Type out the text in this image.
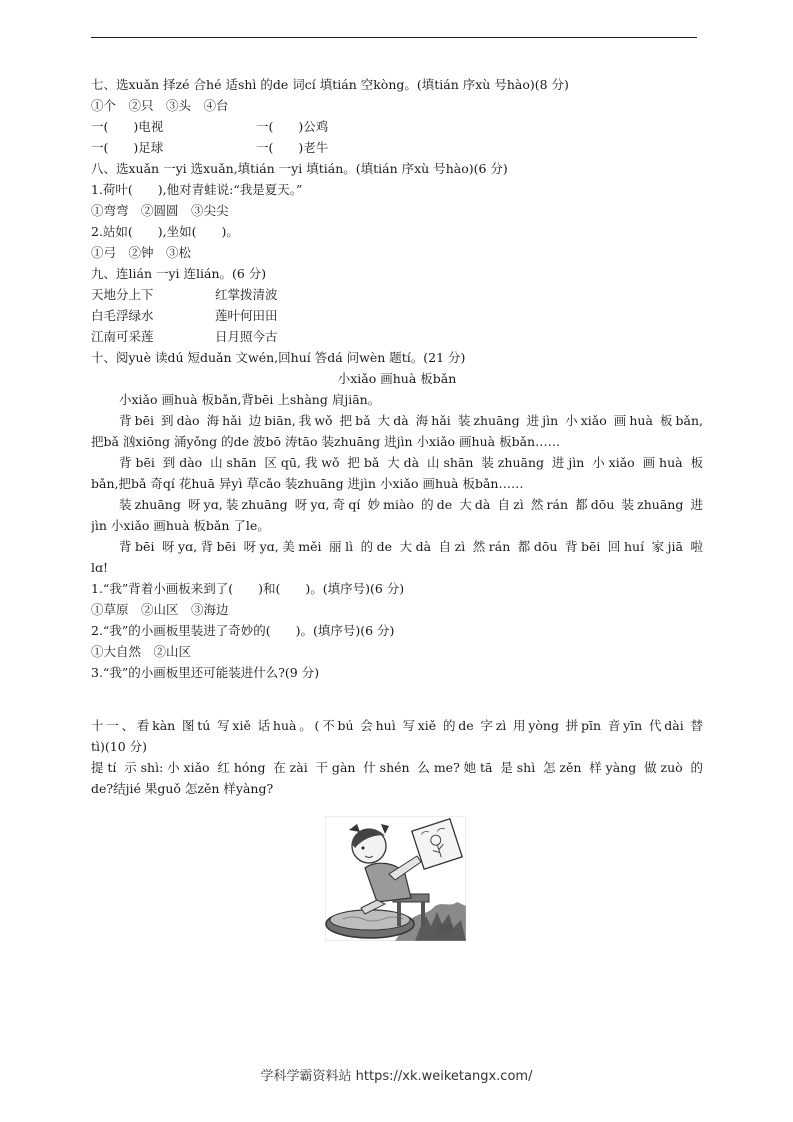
七、选xuǎn 择zé 合hé 适shì 的de 词cí 填tián 空kòng。(填tián 序xù 号hào)(8 分)
①个　②只　③头　④台
一(　　)电视	一(　　)公鸡
一(　　)足球	一(　　)老牛
八、选xuǎn 一yi 选xuǎn,填tián 一yi 填tián。(填tián 序xù 号hào)(6 分)
1.荷叶(　　),他对青蛙说:“我是夏天。”
①弯弯　②圆圆　③尖尖
2.站如(　　),坐如(　　)。
①弓　②钟　③松
九、连lián 一yi 连lián。(6 分)
天地分上下	红掌拨清波
白毛浮绿水	莲叶何田田
江南可采莲	日月照今古
十、阅yuè 读dú 短duǎn 文wén,回huí 答dá 问wèn 题tí。(21 分)
小xiǎo 画huà 板bǎn
小xiǎo 画huà 板bǎn,背bēi 上shàng 肩jiān。
背bēi 到dào 海hǎi 边biān,我wǒ 把bǎ 大dà 海hǎi 装zhuāng 进jìn 小xiǎo 画huà 板bǎn,
把bǎ 汹xiōng 涌yǒng 的de 波bō 涛tāo 装zhuāng 进jìn 小xiǎo 画huà 板bǎn……
背bēi 到dào 山shān 区qū,我wǒ 把bǎ 大dà 山shān 装zhuāng 进jìn 小xiǎo 画huà 板
bǎn,把bǎ 奇qí 花huā 异yì 草cǎo 装zhuāng 进jìn 小xiǎo 画huà 板bǎn……
装zhuāng 呀yɑ,装zhuāng 呀yɑ,奇qí 妙miào 的de 大dà 自zì 然rán 都dōu 装zhuāng 进
jìn 小xiǎo 画huà 板bǎn 了le。
背bēi 呀yɑ,背bēi 呀yɑ,美měi 丽lì 的de 大dà 自zì 然rán 都dōu 背bēi 回huí 家jiā 啦
lɑ!
1.“我”背着小画板来到了(　　)和(　　)。(填序号)(6 分)
①草原　②山区　③海边
2.“我”的小画板里装进了奇妙的(　　)。(填序号)(6 分)
①大自然　②山区
3.“我”的小画板里还可能装进什么?(9 分)
十一、看kàn 图tú 写xiě 话huà。(不bú 会huì 写xiě 的de 字zì 用yòng 拼pīn 音yīn 代dài 替
tì)(10 分)
提tí 示shì:小xiǎo 红hóng 在zài 干gàn 什shén 么me?她tā 是shì 怎zěn 样yàng 做zuò 的
de?结jié 果guǒ 怎zěn 样yàng?
学科学霸资料站 https://xk.weiketangx.com/
